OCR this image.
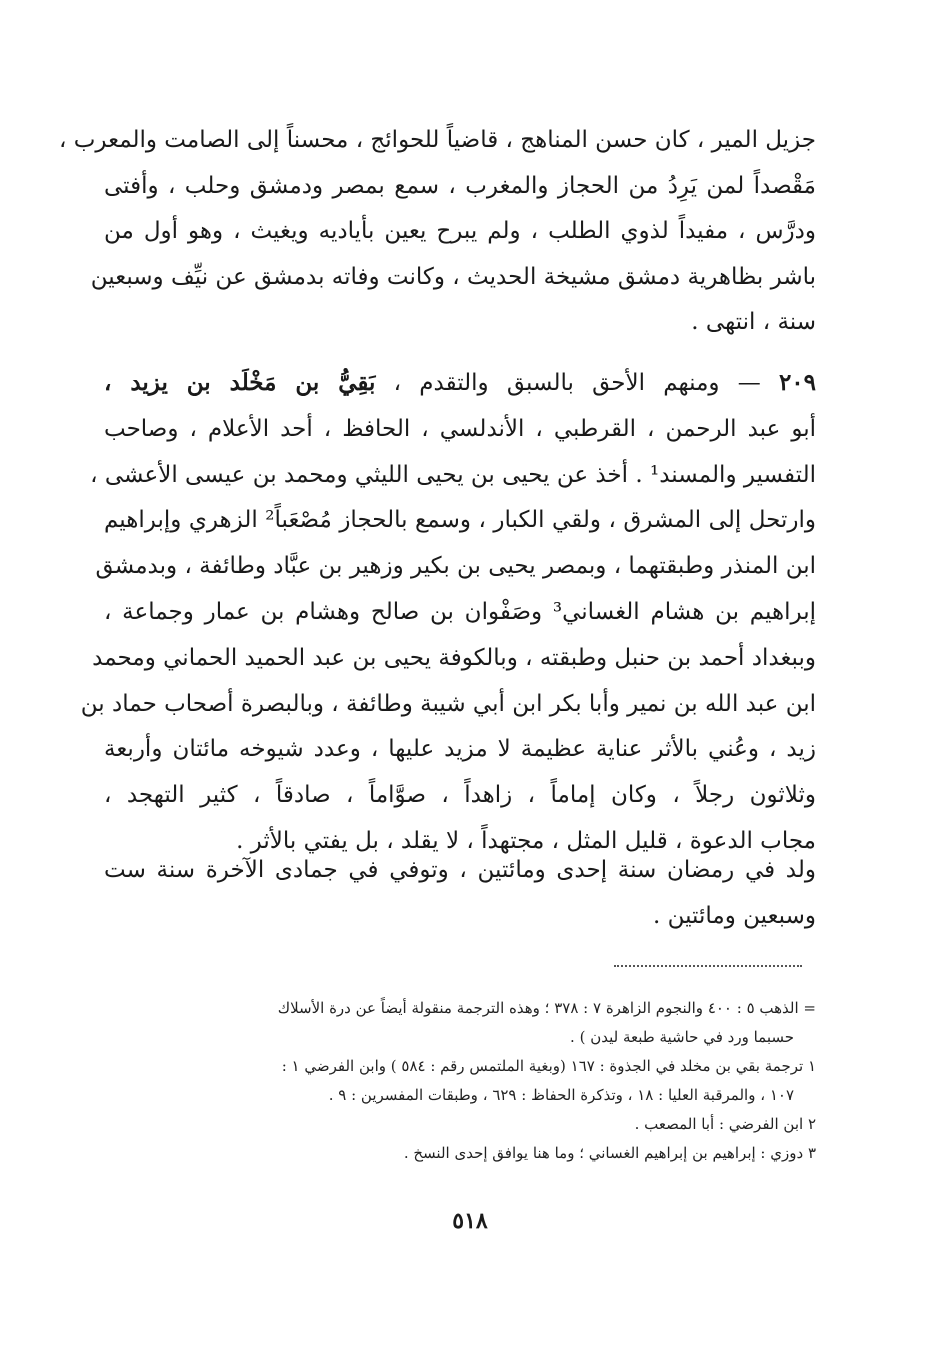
جزيل المير ، كان حسن المناهج ، قاضياً للحوائج ، محسناً إلى الصامت والمعرب ،
مَقْصداً لمن يَرِدُ من الحجاز والمغرب ، سمع بمصر ودمشق وحلب ، وأفتى
ودرَّس ، مفيداً لذوي الطلب ، ولم يبرح يعين بأياديه ويغيث ، وهو أول من
باشر بظاهرية دمشق مشيخة الحديث ، وكانت وفاته بدمشق عن نيِّف وسبعين
سنة ، انتهى .
٢٠٩ — ومنهم الأحق بالسبق والتقدم ، بَقِيُّ بن مَخْلَد بن يزيد ،
أبو عبد الرحمن ، القرطبي ، الأندلسي ، الحافظ ، أحد الأعلام ، وصاحب
التفسير والمسند¹ . أخذ عن يحيى بن يحيى الليثي ومحمد بن عيسى الأعشى ،
وارتحل إلى المشرق ، ولقي الكبار ، وسمع بالحجاز مُصْعَباً² الزهري وإبراهيم
ابن المنذر وطبقتهما ، وبمصر يحيى بن بكير وزهير بن عبَّاد وطائفة ، وبدمشق
إبراهيم بن هشام الغساني³ وصَفْوان بن صالح وهشام بن عمار وجماعة ،
وببغداد أحمد بن حنبل وطبقته ، وبالكوفة يحيى بن عبد الحميد الحماني ومحمد
ابن عبد الله بن نمير وأبا بكر ابن أبي شيبة وطائفة ، وبالبصرة أصحاب حماد بن
زيد ، وعُني بالأثر عناية عظيمة لا مزيد عليها ، وعدد شيوخه مائتان وأربعة
وثلاثون رجلاً ، وكان إماماً ، زاهداً ، صوَّاماً ، صادقاً ، كثير التهجد ،
مجاب الدعوة ، قليل المثل ، مجتهداً ، لا يقلد ، بل يفتي بالأثر .
ولد في رمضان سنة إحدى ومائتين ، وتوفي في جمادى الآخرة سنة ست
وسبعين ومائتين .
= الذهب ٥ : ٤٠٠ والنجوم الزاهرة ٧ : ٣٧٨ ؛ وهذه الترجمة منقولة أيضاً عن درة الأسلاك
حسبما ورد في حاشية طبعة ليدن ) .
١ ترجمة بقي بن مخلد في الجذوة : ١٦٧ (وبغية الملتمس رقم : ٥٨٤ ) وابن الفرضي ١ :
١٠٧ ، والمرقبة العليا : ١٨ ، وتذكرة الحفاظ : ٦٢٩ ، وطبقات المفسرين : ٩ .
٢ ابن الفرضي : أبا المصعب .
٣ دوزي : إبراهيم بن إبراهيم الغساني ؛ وما هنا يوافق إحدى النسخ .
٥١٨
